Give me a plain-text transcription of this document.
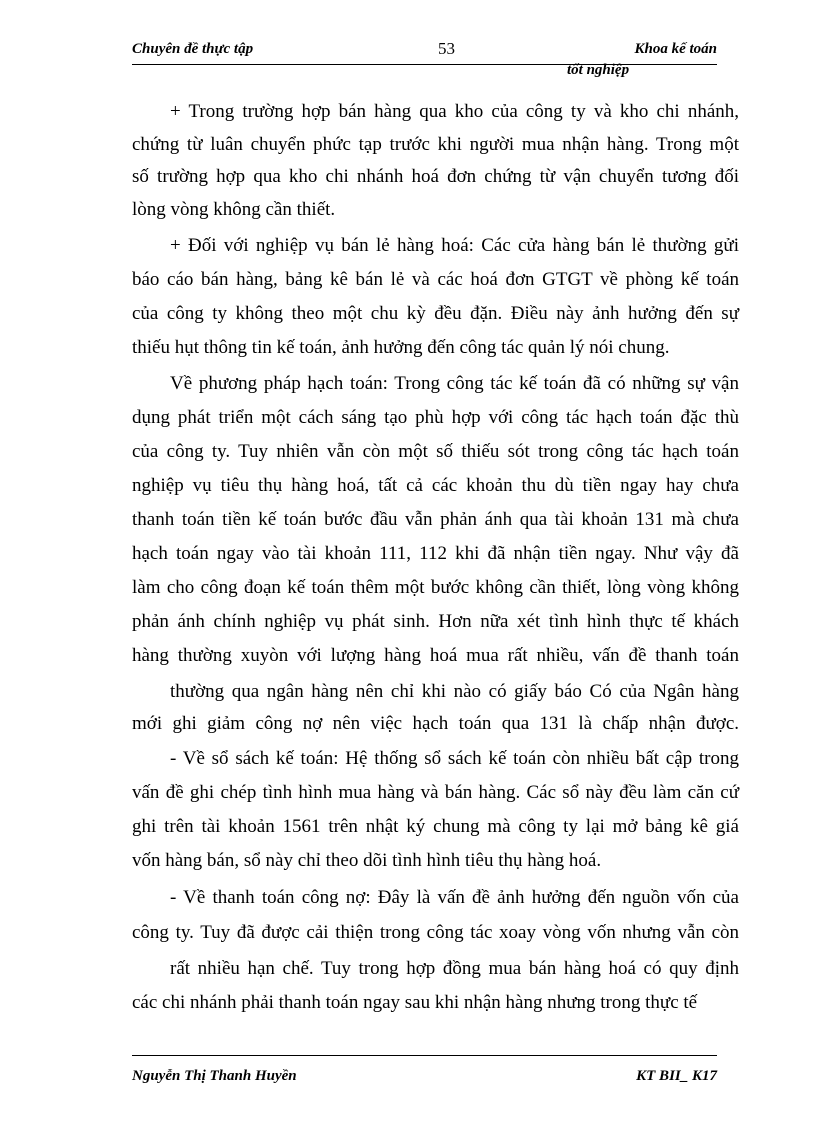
Chuyên đề thực tập	53	Khoa kế toán
tốt nghiệp
+ Trong trường hợp bán hàng qua kho của công ty và kho chi nhánh,
chứng từ luân chuyển phức tạp trước khi người mua nhận hàng. Trong một
số trường hợp qua kho chi nhánh hoá đơn chứng từ vận chuyển tương đối
lòng vòng không cần thiết.
+ Đối với nghiệp vụ bán lẻ hàng hoá: Các cửa hàng bán lẻ thường gửi
báo cáo bán hàng, bảng kê bán lẻ và các hoá đơn GTGT về phòng kế toán
của công ty không theo một chu kỳ đều đặn. Điều này ảnh hưởng đến sự
thiếu hụt thông tin kế toán, ảnh hưởng đến công tác quản lý nói chung.
Về phương pháp hạch toán: Trong công tác kế toán đã có những sự vận
dụng phát triển một cách sáng tạo phù hợp với công tác hạch toán đặc thù
của công ty. Tuy nhiên vẫn còn một số thiếu sót trong công tác hạch toán
nghiệp vụ tiêu thụ hàng hoá, tất cả các khoản thu dù tiền ngay hay chưa
thanh toán tiền kế toán bước đầu vẫn phản ánh qua tài khoản 131 mà chưa
hạch toán ngay vào tài khoản 111, 112 khi đã nhận tiền ngay. Như vậy đã
làm cho công đoạn kế toán thêm một bước không cần thiết, lòng vòng không
phản ánh chính nghiệp vụ phát sinh. Hơn nữa xét tình hình thực tế khách
hàng thường xuyòn với lượng hàng hoá mua rất nhiều, vấn đề thanh toán
thường qua ngân hàng nên chỉ khi nào có giấy báo Có của Ngân hàng
mới ghi giảm công nợ nên việc hạch toán qua 131 là chấp nhận được.
- Về sổ sách kế toán: Hệ thống sổ sách kế toán còn nhiều bất cập trong
vấn đề ghi chép tình hình mua hàng và bán hàng. Các sổ này đều làm căn cứ
ghi trên tài khoản 1561 trên nhật ký chung mà công ty lại mở bảng kê giá
vốn hàng bán, sổ này chỉ theo dõi tình hình tiêu thụ hàng hoá.
- Về thanh toán công nợ: Đây là vấn đề ảnh hưởng đến nguồn vốn của
công ty. Tuy đã được cải thiện trong công tác xoay vòng vốn nhưng vẫn còn
rất nhiều hạn chế. Tuy trong hợp đồng mua bán hàng hoá có quy định
các chi nhánh phải thanh toán ngay sau khi nhận hàng nhưng trong thực tế
Nguyễn Thị Thanh Huyền	KT BII_ K17
